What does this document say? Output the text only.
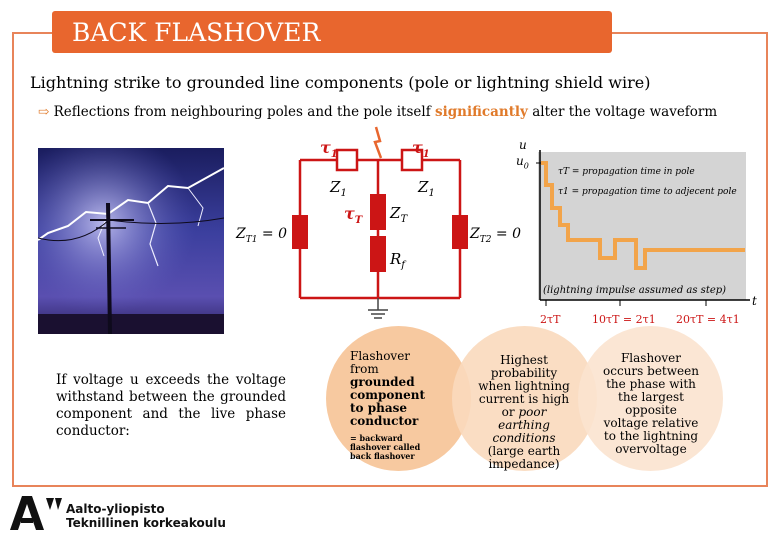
BACK FLASHOVER
Lightning strike to grounded line components (pole or lightning shield wire)
⇨ Reflections from neighbouring poles and the pole itself significantly alter the voltage waveform
$\tau_1$	$\tau_1$
$Z_1$	$Z_1$
$\tau_T$ $Z_T$
$Z_{T1} = 0$	$Z_{T2} = 0$
$R_f$
u
$u_0$
t
τT = propagation time in pole
τ1 = propagation time to adjecent pole
(lightning impulse assumed as step)
2τT	10τT = 2τ1 20τT = 4τ1
If voltage u exceeds the voltage withstand between the grounded component and the live phase conductor:
Flashover from
grounded component to phase conductor
= backward flashover called back flashover
Highest probability when lightning current is high or poor earthing conditions (large earth impedance)
Flashover occurs between the phase with the largest opposite voltage relative to the lightning overvoltage
Aalto-yliopisto
Teknillinen korkeakoulu
